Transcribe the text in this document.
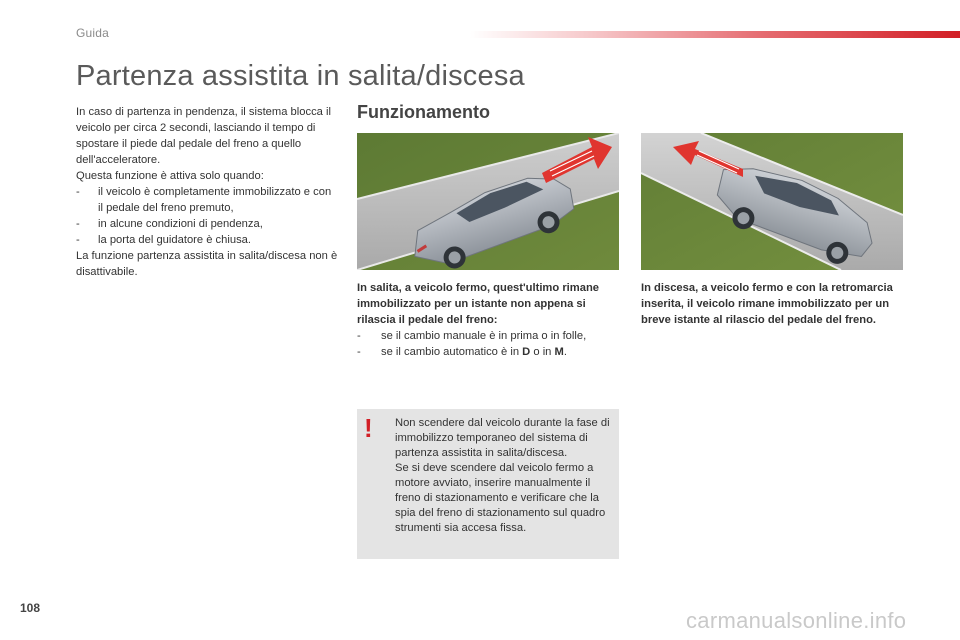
Guida
Partenza assistita in salita/discesa

In caso di partenza in pendenza, il sistema blocca il veicolo per circa 2 secondi, lasciando il tempo di spostare il piede dal pedale del freno a quello dell'acceleratore.

Questa funzione è attiva solo quando:

- il veicolo è completamente immobilizzato e con il pedale del freno premuto,
- in alcune condizioni di pendenza,
- la porta del guidatore è chiusa.

La funzione partenza assistita in salita/discesa non è disattivabile.

Funzionamento
In salita, a veicolo fermo, quest'ultimo rimane immobilizzato per un istante non appena si rilascia il pedale del freno:
- se il cambio manuale è in prima o in folle,
- se il cambio automatico è in D o in M.
In discesa, a veicolo fermo e con la retromarcia inserita, il veicolo rimane immobilizzato per un breve istante al rilascio del pedale del freno.
! Non scendere dal veicolo durante la fase di immobilizzo temporaneo del sistema di partenza assistita in salita/discesa.

Se si deve scendere dal veicolo fermo a motore avviato, inserire manualmente il freno di stazionamento e verificare che la spia del freno di stazionamento sul quadro strumenti sia accesa fissa.

108	carmanualsonline.info
